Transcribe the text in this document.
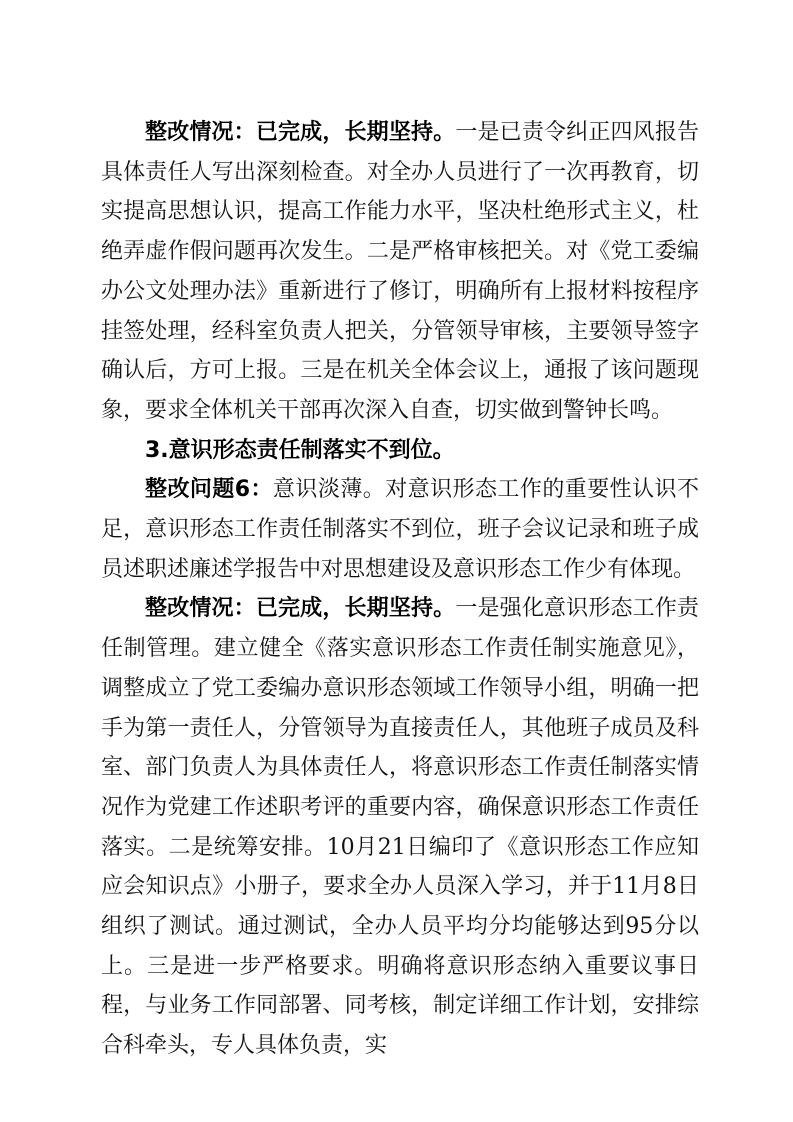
整改情况：已完成，长期坚持。一是已责令纠正四风报告具体责任人写出深刻检查。对全办人员进行了一次再教育，切实提高思想认识，提高工作能力水平，坚决杜绝形式主义，杜绝弄虚作假问题再次发生。二是严格审核把关。对《党工委编办公文处理办法》重新进行了修订，明确所有上报材料按程序挂签处理，经科室负责人把关，分管领导审核，主要领导签字确认后，方可上报。三是在机关全体会议上，通报了该问题现象，要求全体机关干部再次深入自查，切实做到警钟长鸣。

3.意识形态责任制落实不到位。

整改问题6：意识淡薄。对意识形态工作的重要性认识不足，意识形态工作责任制落实不到位，班子会议记录和班子成员述职述廉述学报告中对思想建设及意识形态工作少有体现。

整改情况：已完成，长期坚持。一是强化意识形态工作责任制管理。建立健全《落实意识形态工作责任制实施意见》，调整成立了党工委编办意识形态领域工作领导小组，明确一把手为第一责任人，分管领导为直接责任人，其他班子成员及科室、部门负责人为具体责任人，将意识形态工作责任制落实情况作为党建工作述职考评的重要内容，确保意识形态工作责任落实。二是统筹安排。10月21日编印了《意识形态工作应知应会知识点》小册子，要求全办人员深入学习，并于11月8日组织了测试。通过测试，全办人员平均分均能够达到95分以上。三是进一步严格要求。明确将意识形态纳入重要议事日程，与业务工作同部署、同考核，制定详细工作计划，安排综合科牵头，专人具体负责，实
